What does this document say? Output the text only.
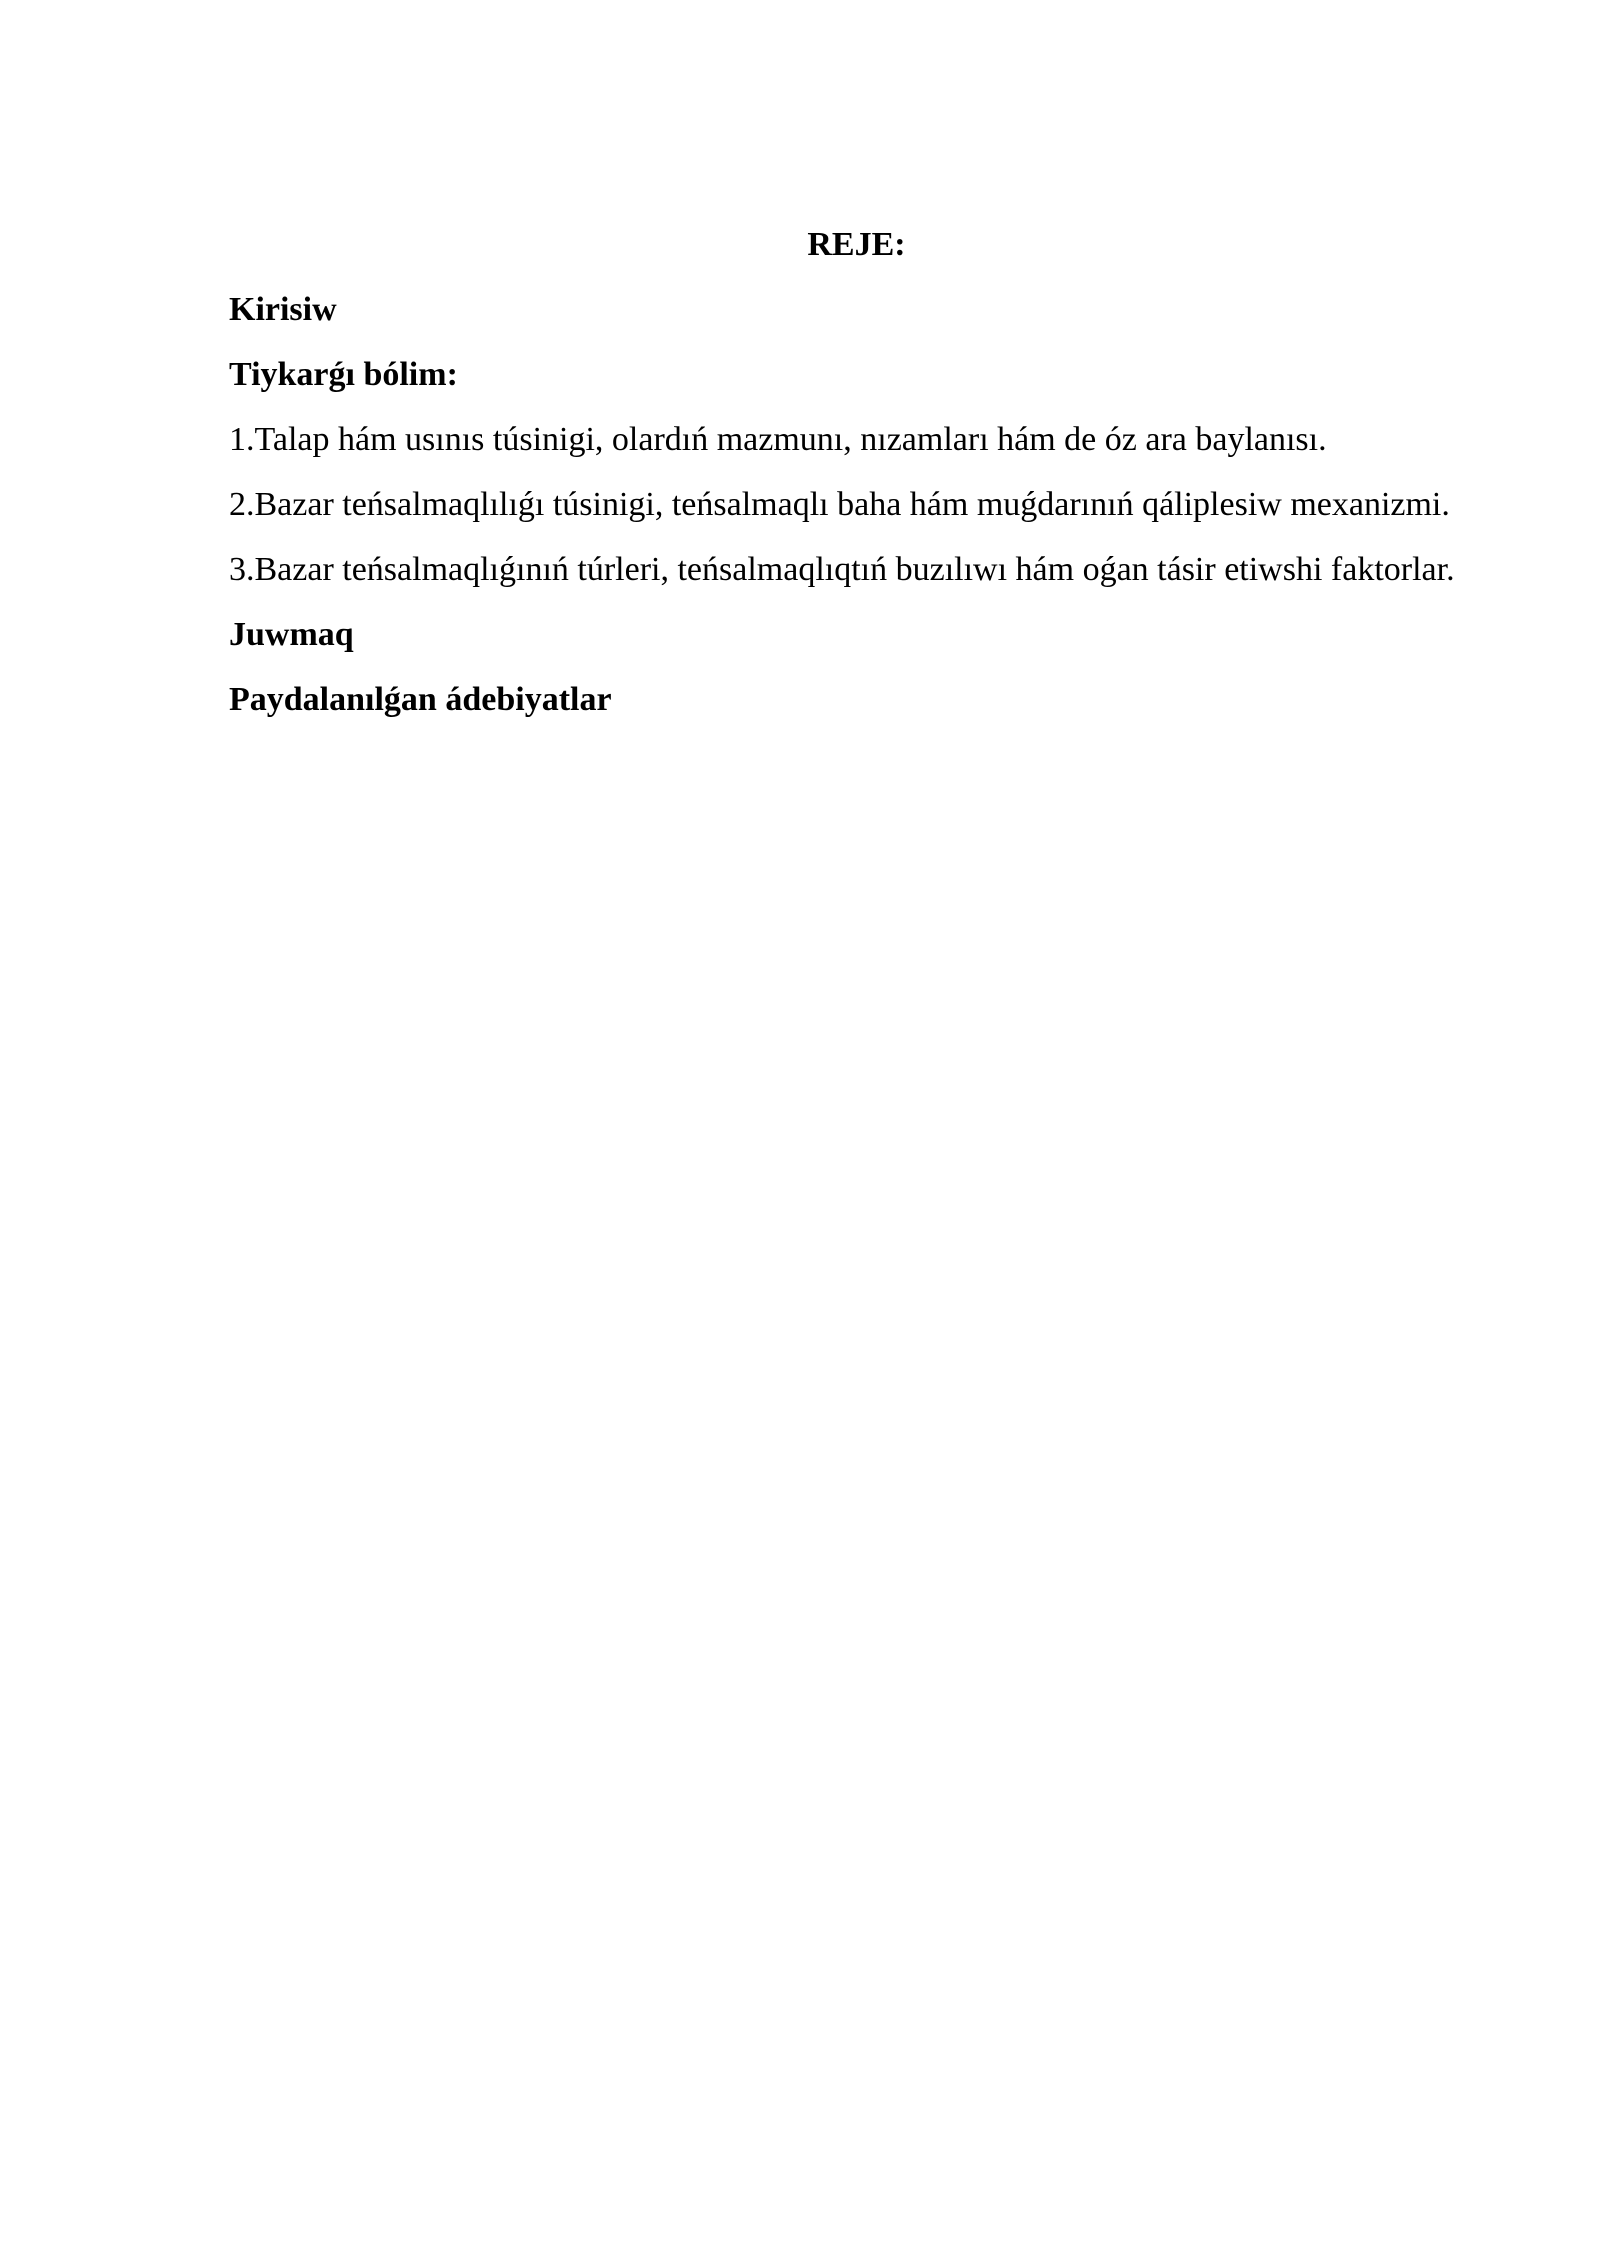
REJE:

Kirisiw

Tiykarǵı bólim:

1.Talap hám usınıs túsinigi, olardıń mazmunı, nızamları hám de óz ara baylanısı.

2.Bazar teńsalmaqlılıǵı túsinigi, teńsalmaqlı baha hám muǵdarınıń qáliplesiw mexanizmi.

3.Bazar teńsalmaqlıǵınıń túrleri, teńsalmaqlıqtıń buzılıwı hám oǵan tásir etiwshi faktorlar.

Juwmaq

Paydalanılǵan ádebiyatlar
